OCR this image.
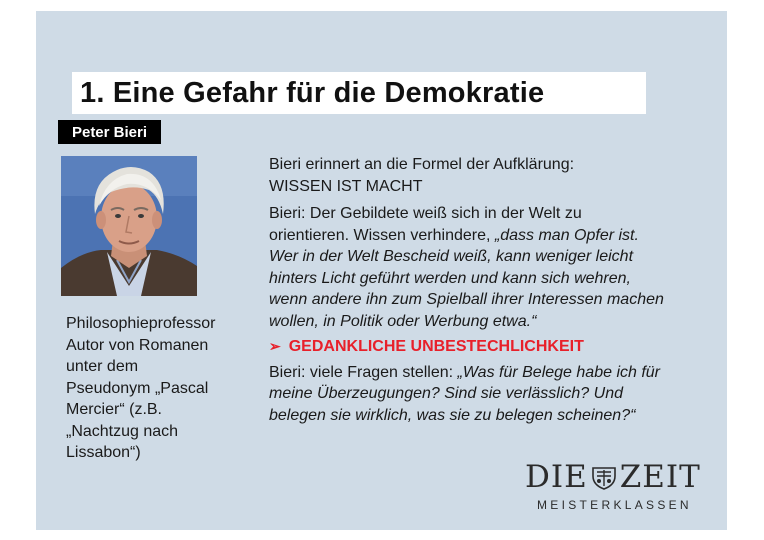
1. Eine Gefahr für die Demokratie
Peter Bieri
Philosophieprofessor
Autor von Romanen
unter dem
Pseudonym „Pascal
Mercier“ (z.B.
„Nachtzug nach
Lissabon“)
Bieri erinnert an die Formel der Aufklärung:
WISSEN IST MACHT
Bieri: Der Gebildete weiß sich in der Welt zu
orientieren. Wissen verhindere, „dass man Opfer ist.
Wer in der Welt Bescheid weiß, kann weniger leicht
hinters Licht geführt werden und kann sich wehren,
wenn andere ihn zum Spielball ihrer Interessen machen
wollen, in Politik oder Werbung etwa.“
➢ GEDANKLICHE UNBESTECHLICHKEIT
Bieri: viele Fragen stellen: „Was für Belege habe ich für
meine Überzeugungen? Sind sie verlässlich? Und
belegen sie wirklich, was sie zu belegen scheinen?“
DIE ZEIT
MEISTERKLASSEN
